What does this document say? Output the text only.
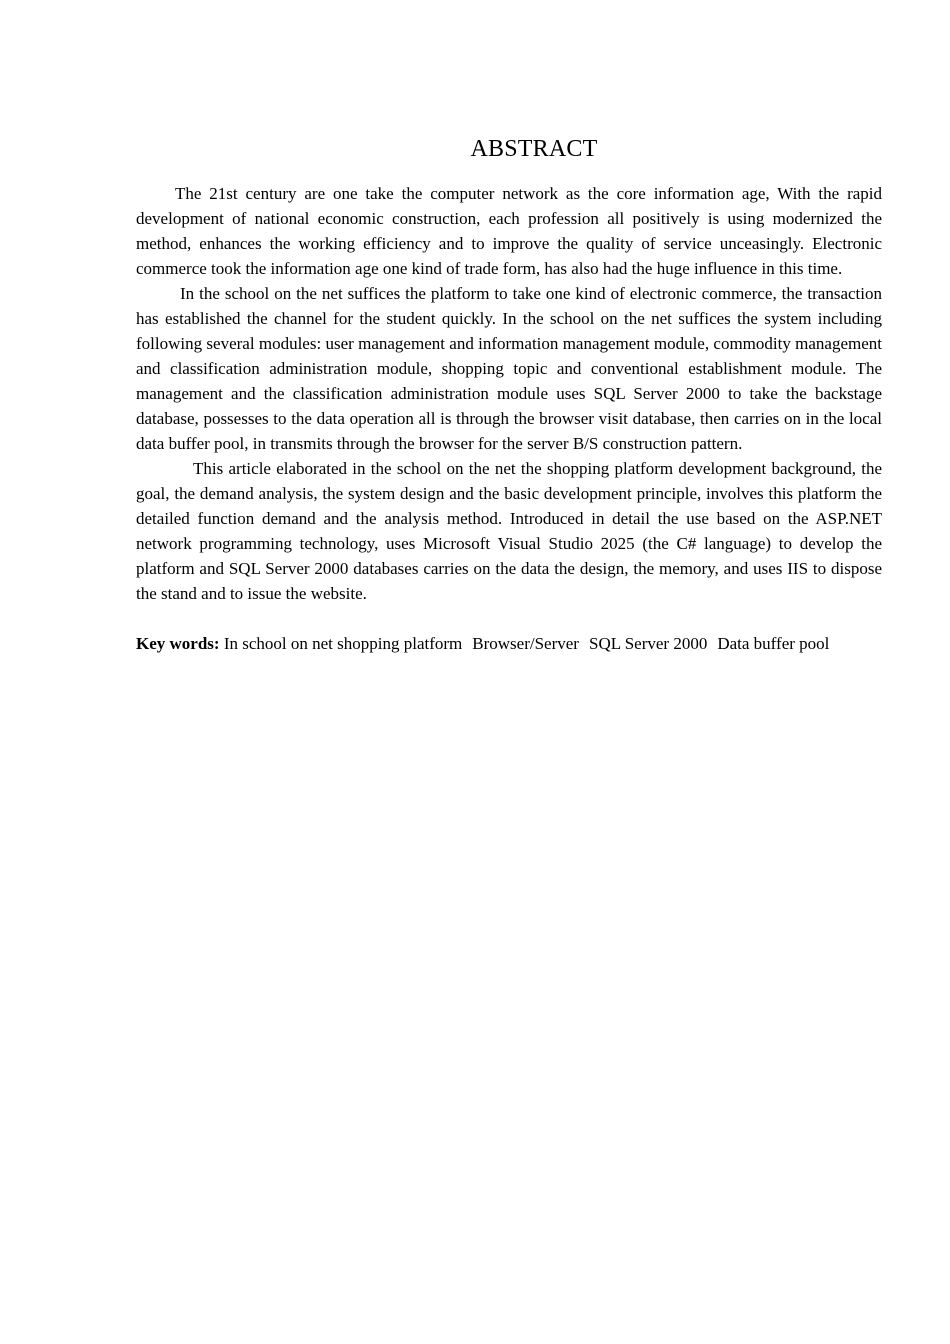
ABSTRACT

The 21st century are one take the computer network as the core information age, With the rapid development of national economic construction, each profession all positively is using modernized the method, enhances the working efficiency and to improve the quality of service unceasingly. Electronic commerce took the information age one kind of trade form, has also had the huge influence in this time.

In the school on the net suffices the platform to take one kind of electronic commerce, the transaction has established the channel for the student quickly. In the school on the net suffices the system including following several modules: user management and information management module, commodity management and classification administration module, shopping topic and conventional establishment module. The management and the classification administration module uses SQL Server 2000 to take the backstage database, possesses to the data operation all is through the browser visit database, then carries on in the local data buffer pool, in transmits through the browser for the server B/S construction pattern.

This article elaborated in the school on the net the shopping platform development background, the goal, the demand analysis, the system design and the basic development principle, involves this platform the detailed function demand and the analysis method. Introduced in detail the use based on the ASP.NET network programming technology, uses Microsoft Visual Studio 2025 (the C# language) to develop the platform and SQL Server 2000 databases carries on the data the design, the memory, and uses IIS to dispose the stand and to issue the website.

Key words: In school on net shopping platform Browser/Server SQL Server 2000 Data buffer pool
